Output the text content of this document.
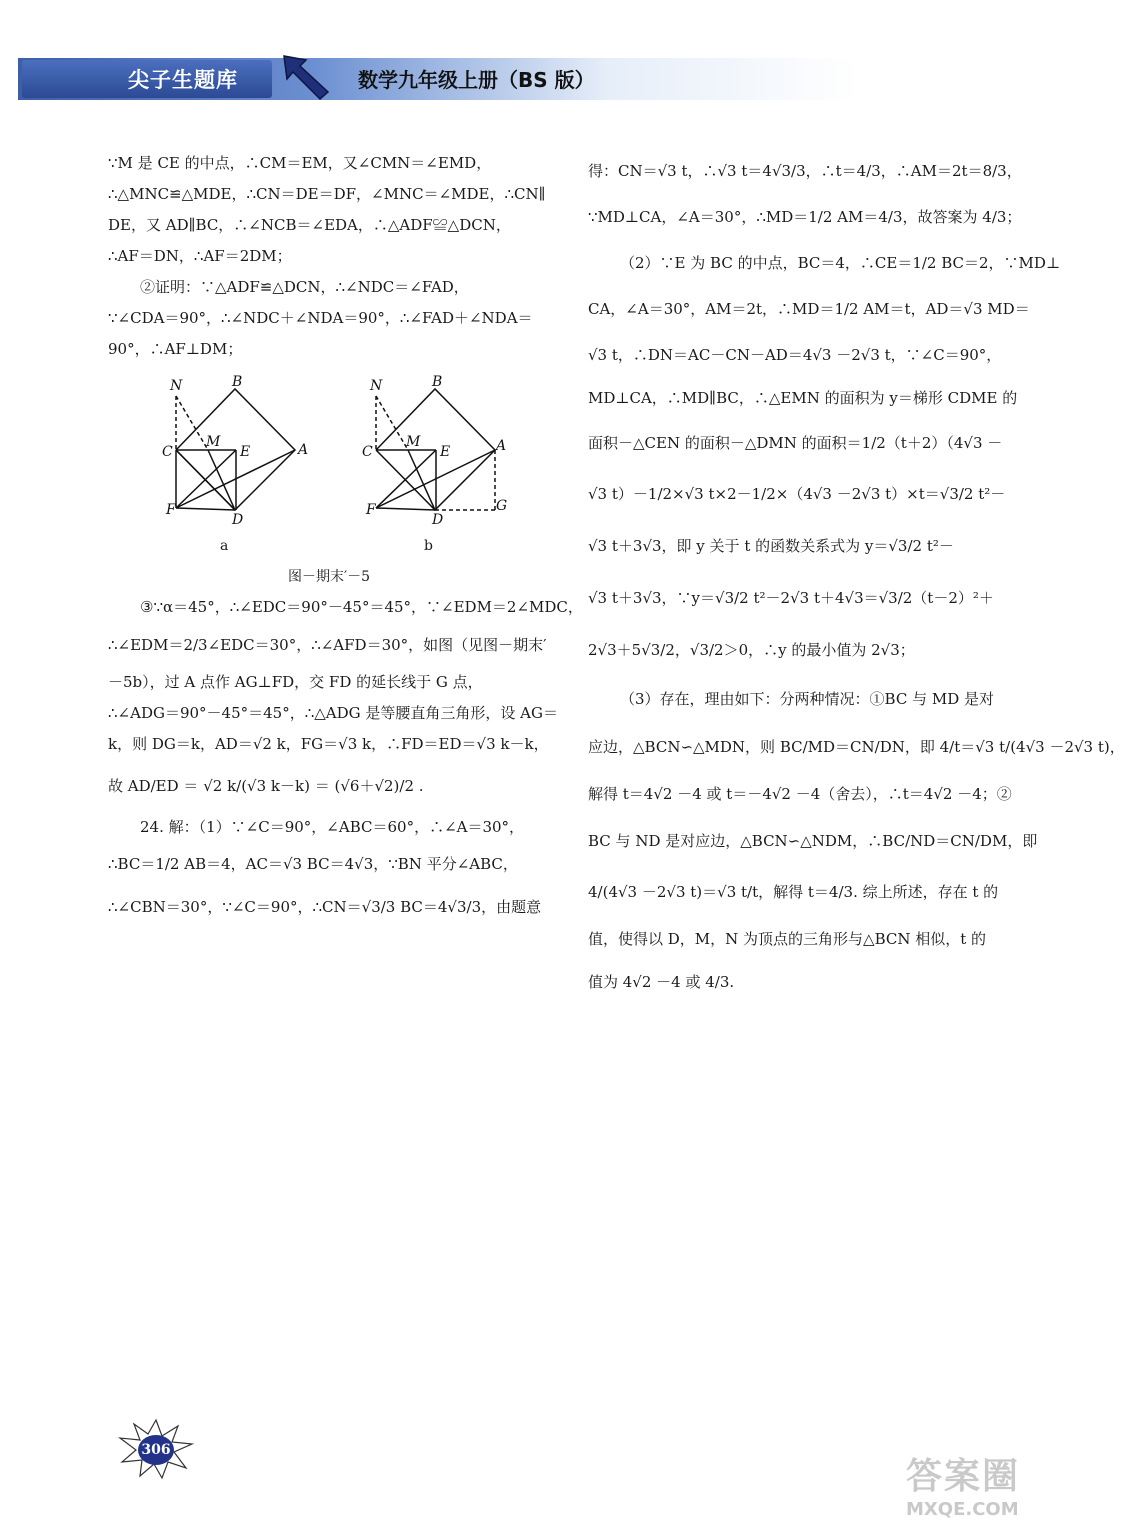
尖子生题库	数学九年级上册（BS 版）
∵M 是 CE 的中点，∴CM＝EM，又∠CMN＝∠EMD，
∴△MNC≌△MDE，∴CN＝DE＝DF，∠MNC＝∠MDE，∴CN∥
DE，又 AD∥BC，∴∠NCB＝∠EDA，∴△ADF≌△DCN，
∴AF＝DN，∴AF＝2DM；
②证明：∵△ADF≌△DCN，∴∠NDC＝∠FAD，
∵∠CDA＝90°，∴∠NDC＋∠NDA＝90°，∴∠FAD＋∠NDA＝
90°，∴AF⊥DM；
N	B
C
M
E	A
F
D
N	B
C
M
E	A
F
D
G
a	b
图－期末′－5
③∵α＝45°，∴∠EDC＝90°－45°＝45°，∵∠EDM＝2∠MDC，
∴∠EDM＝2/3∠EDC＝30°，∴∠AFD＝30°，如图（见图－期末′
－5b），过 A 点作 AG⊥FD，交 FD 的延长线于 G 点，
∴∠ADG＝90°－45°＝45°，∴△ADG 是等腰直角三角形，设 AG＝
k，则 DG＝k，AD＝√2 k，FG＝√3 k，∴FD＝ED＝√3 k－k，
故 AD/ED ＝ √2 k/(√3 k－k) ＝ (√6＋√2)/2 .
24. 解：（1）∵∠C＝90°，∠ABC＝60°，∴∠A＝30°，
∴BC＝1/2 AB＝4，AC＝√3 BC＝4√3，∵BN 平分∠ABC，
∴∠CBN＝30°，∵∠C＝90°，∴CN＝√3/3 BC＝4√3/3，由题意
得：CN＝√3 t，∴√3 t＝4√3/3，∴t＝4/3，∴AM＝2t＝8/3，
∵MD⊥CA，∠A＝30°，∴MD＝1/2 AM＝4/3，故答案为 4/3；
（2）∵E 为 BC 的中点，BC＝4，∴CE＝1/2 BC＝2，∵MD⊥
CA，∠A＝30°，AM＝2t，∴MD＝1/2 AM＝t，AD＝√3 MD＝
√3 t，∴DN＝AC－CN－AD＝4√3 －2√3 t，∵∠C＝90°，
MD⊥CA，∴MD∥BC，∴△EMN 的面积为 y＝梯形 CDME 的
面积－△CEN 的面积－△DMN 的面积＝1/2（t＋2）（4√3 －
√3 t）－1/2×√3 t×2－1/2×（4√3 －2√3 t）×t＝√3/2 t²－
√3 t＋3√3，即 y 关于 t 的函数关系式为 y＝√3/2 t²－
√3 t＋3√3，∵y＝√3/2 t²－2√3 t＋4√3＝√3/2（t－2）²＋
2√3＋5√3/2，√3/2＞0，∴y 的最小值为 2√3；
（3）存在，理由如下：分两种情况：①BC 与 MD 是对
应边，△BCN∽△MDN，则 BC/MD＝CN/DN，即 4/t＝√3 t/(4√3 －2√3 t)，
解得 t＝4√2 －4 或 t＝－4√2 －4（舍去），∴t＝4√2 －4；②
BC 与 ND 是对应边，△BCN∽△NDM，∴BC/ND＝CN/DM，即
4/(4√3 －2√3 t)＝√3 t/t，解得 t＝4/3. 综上所述，存在 t 的
值，使得以 D，M，N 为顶点的三角形与△BCN 相似，t 的
值为 4√2 －4 或 4/3.
306
答案圈
MXQE.COM
